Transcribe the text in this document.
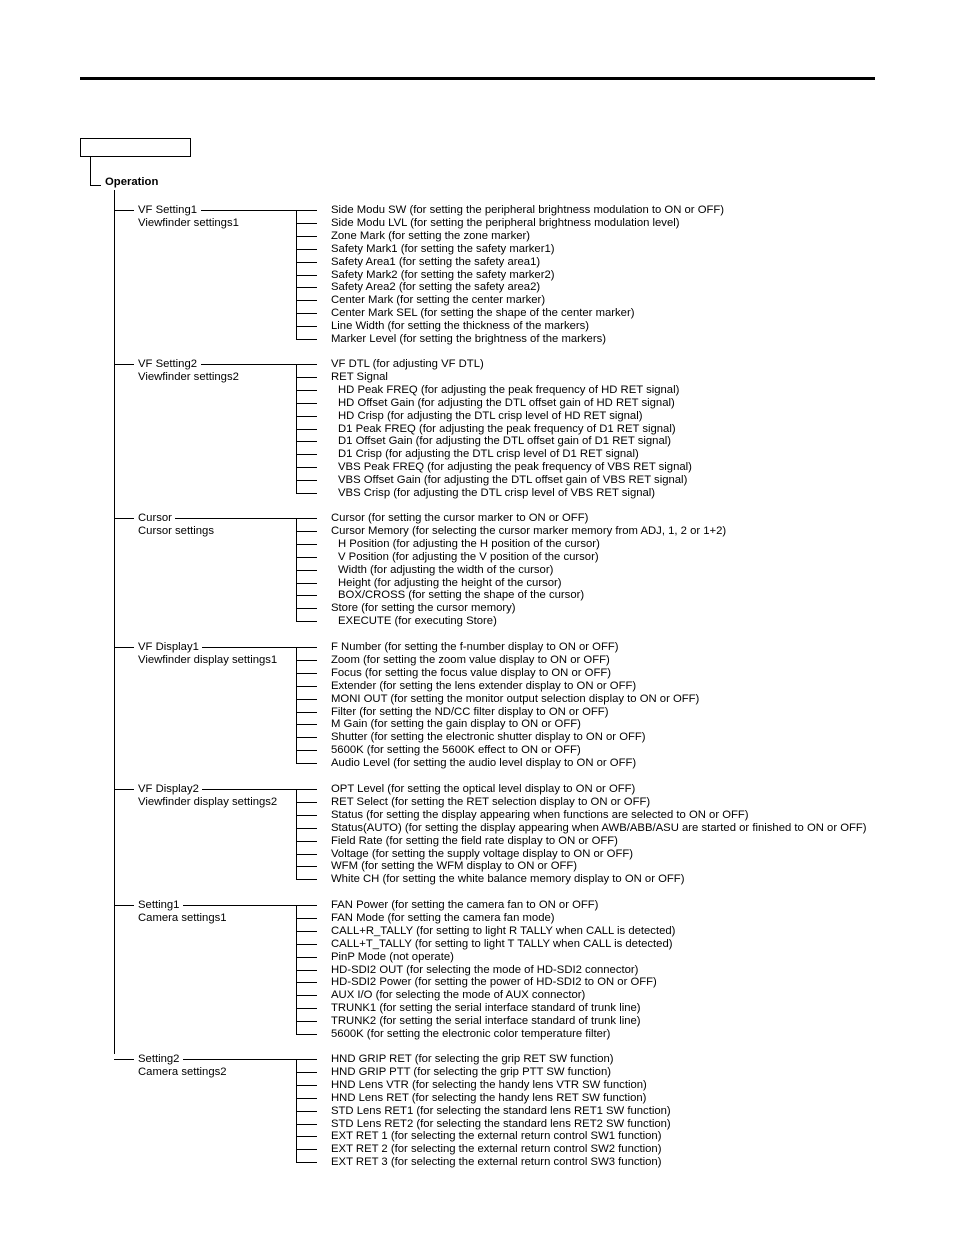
Operation
VF Setting1
Viewfinder settings1
Side Modu SW (for setting the peripheral brightness modulation to ON or OFF)
Side Modu LVL (for setting the peripheral brightness modulation level)
Zone Mark (for setting the zone marker)
Safety Mark1 (for setting the safety marker1)
Safety Area1 (for setting the safety area1)
Safety Mark2 (for setting the safety marker2)
Safety Area2 (for setting the safety area2)
Center Mark (for setting the center marker)
Center Mark SEL (for setting the shape of the center marker)
Line Width (for setting the thickness of the markers)
Marker Level (for setting the brightness of the markers)
VF Setting2
Viewfinder settings2
VF DTL (for adjusting VF DTL)
RET Signal
HD Peak FREQ (for adjusting the peak frequency of HD RET signal)
HD Offset Gain (for adjusting the DTL offset gain of HD RET signal)
HD Crisp (for adjusting the DTL crisp level of HD RET signal)
D1 Peak FREQ (for adjusting the peak frequency of D1 RET signal)
D1 Offset Gain (for adjusting the DTL offset gain of D1 RET signal)
D1 Crisp (for adjusting the DTL crisp level of D1 RET signal)
VBS Peak FREQ (for adjusting the peak frequency of VBS RET signal)
VBS Offset Gain (for adjusting the DTL offset gain of VBS RET signal)
VBS Crisp (for adjusting the DTL crisp level of VBS RET signal)
Cursor
Cursor settings
Cursor (for setting the cursor marker to ON or OFF)
Cursor Memory (for selecting the cursor marker memory from ADJ, 1, 2 or 1+2)
H Position (for adjusting the H position of the cursor)
V Position (for adjusting the V position of the cursor)
Width (for adjusting the width of the cursor)
Height (for adjusting the height of the cursor)
BOX/CROSS (for setting the shape of the cursor)
Store (for setting the cursor memory)
EXECUTE (for executing Store)
VF Display1
Viewfinder display settings1
F Number (for setting the f-number display to ON or OFF)
Zoom (for setting the zoom value display to ON or OFF)
Focus (for setting the focus value display to ON or OFF)
Extender (for setting the lens extender display to ON or OFF)
MONI OUT (for setting the monitor output selection display to ON or OFF)
Filter (for setting the ND/CC filter display to ON or OFF)
M Gain (for setting the gain display to ON or OFF)
Shutter (for setting the electronic shutter display to ON or OFF)
5600K (for setting the 5600K effect to ON or OFF)
Audio Level (for setting the audio level display to ON or OFF)
VF Display2
Viewfinder display settings2
OPT Level (for setting the optical level display to ON or OFF)
RET Select (for setting the RET selection display to ON or OFF)
Status (for setting the display appearing when functions are selected to ON or OFF)
Status(AUTO) (for setting the display appearing when AWB/ABB/ASU are started or finished to ON or OFF)
Field Rate (for setting the field rate display to ON or OFF)
Voltage (for setting the supply voltage display to ON or OFF)
WFM (for setting the WFM display to ON or OFF)
White CH (for setting the white balance memory display to ON or OFF)
Setting1
Camera settings1
FAN Power (for setting the camera fan to ON or OFF)
FAN Mode (for setting the camera fan mode)
CALL+R_TALLY (for setting to light R TALLY when CALL is detected)
CALL+T_TALLY (for setting to light T TALLY when CALL is detected)
PinP Mode (not operate)
HD-SDI2 OUT (for selecting the mode of HD-SDI2 connector)
HD-SDI2 Power (for setting the power of HD-SDI2 to ON or OFF)
AUX I/O (for selecting the mode of AUX connector)
TRUNK1 (for setting the serial interface standard of trunk line)
TRUNK2 (for setting the serial interface standard of trunk line)
5600K (for setting the electronic color temperature filter)
Setting2
Camera settings2
HND GRIP RET (for selecting the grip RET SW function)
HND GRIP PTT (for selecting the grip PTT SW function)
HND Lens VTR (for selecting the handy lens VTR SW function)
HND Lens RET (for selecting the handy lens RET SW function)
STD Lens RET1 (for selecting the standard lens RET1 SW function)
STD Lens RET2 (for selecting the standard lens RET2 SW function)
EXT RET 1 (for selecting the external return control SW1 function)
EXT RET 2 (for selecting the external return control SW2 function)
EXT RET 3 (for selecting the external return control SW3 function)
